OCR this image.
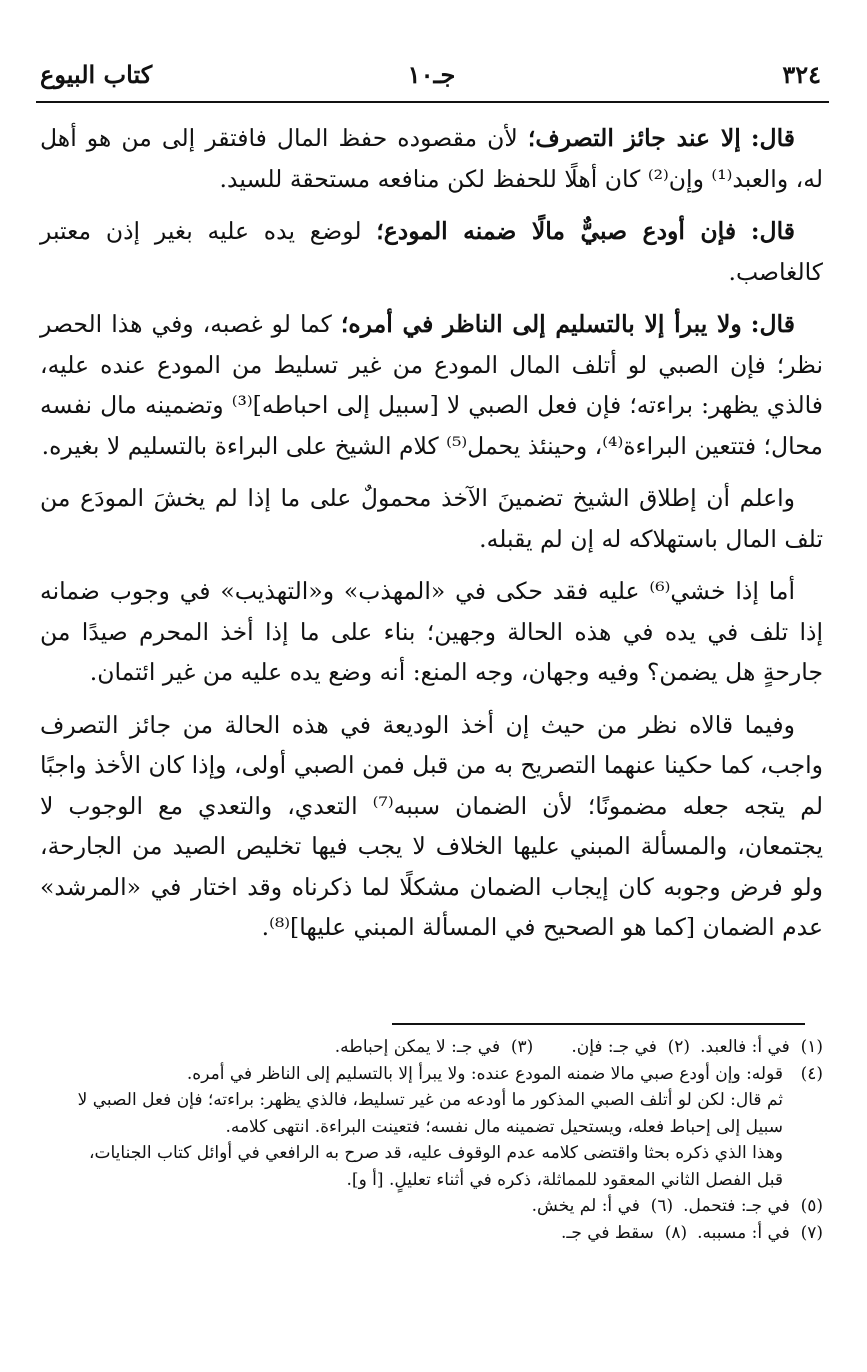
كتاب البيوع	جـ١٠	٣٢٤

قال: إلا عند جائز التصرف؛ لأن مقصوده حفظ المال فافتقر إلى من هو أهل له، والعبد⁽¹⁾ وإن⁽²⁾ كان أهلًا للحفظ لكن منافعه مستحقة للسيد.

قال: فإن أودع صبيٌّ مالًا ضمنه المودع؛ لوضع يده عليه بغير إذن معتبر كالغاصب.

قال: ولا يبرأ إلا بالتسليم إلى الناظر في أمره؛ كما لو غصبه، وفي هذا الحصر نظر؛ فإن الصبي لو أتلف المال المودع من غير تسليط من المودع عنده عليه، فالذي يظهر: براءته؛ فإن فعل الصبي لا [سبيل إلى احباطه]⁽³⁾ وتضمينه مال نفسه محال؛ فتتعين البراءة⁽⁴⁾، وحينئذ يحمل⁽⁵⁾ كلام الشيخ على البراءة بالتسليم لا بغيره.

واعلم أن إطلاق الشيخ تضمينَ الآخذ محمولٌ على ما إذا لم يخشَ المودَع من تلف المال باستهلاكه له إن لم يقبله.

أما إذا خشي⁽⁶⁾ عليه فقد حكى في «المهذب» و«التهذيب» في وجوب ضمانه إذا تلف في يده في هذه الحالة وجهين؛ بناء على ما إذا أخذ المحرم صيدًا من جارحةٍ هل يضمن؟ وفيه وجهان، وجه المنع: أنه وضع يده عليه من غير ائتمان.

وفيما قالاه نظر من حيث إن أخذ الوديعة في هذه الحالة من جائز التصرف واجب، كما حكينا عنهما التصريح به من قبل فمن الصبي أولى، وإذا كان الأخذ واجبًا لم يتجه جعله مضمونًا؛ لأن الضمان سببه⁽⁷⁾ التعدي، والتعدي مع الوجوب لا يجتمعان، والمسألة المبني عليها الخلاف لا يجب فيها تخليص الصيد من الجارحة، ولو فرض وجوبه كان إيجاب الضمان مشكلًا لما ذكرناه وقد اختار في «المرشد» عدم الضمان [كما هو الصحيح في المسألة المبني عليها]⁽⁸⁾.

(١)  في أ: فالعبد.
(٢)  في جـ: فإن.
(٣)  في جـ: لا يمكن إحباطه.
(٤)
قوله: وإن أودع صبي مالا ضمنه المودع عنده: ولا يبرأ إلا بالتسليم إلى الناظر في أمره.
ثم قال: لكن لو أتلف الصبي المذكور ما أودعه من غير تسليط، فالذي يظهر: براءته؛ فإن فعل الصبي لا سبيل إلى إحباط فعله، ويستحيل تضمينه مال نفسه؛ فتعينت البراءة. انتهى كلامه.
وهذا الذي ذكره بحثا واقتضى كلامه عدم الوقوف عليه، قد صرح به الرافعي في أوائل كتاب الجنايات، قبل الفصل الثاني المعقود للمماثلة، ذكره في أثناء تعليلٍ. [أ و].
(٥)  في جـ: فتحمل.
(٦)  في أ: لم يخش.
(٧)  في أ: مسببه.
(٨)  سقط في جـ.
